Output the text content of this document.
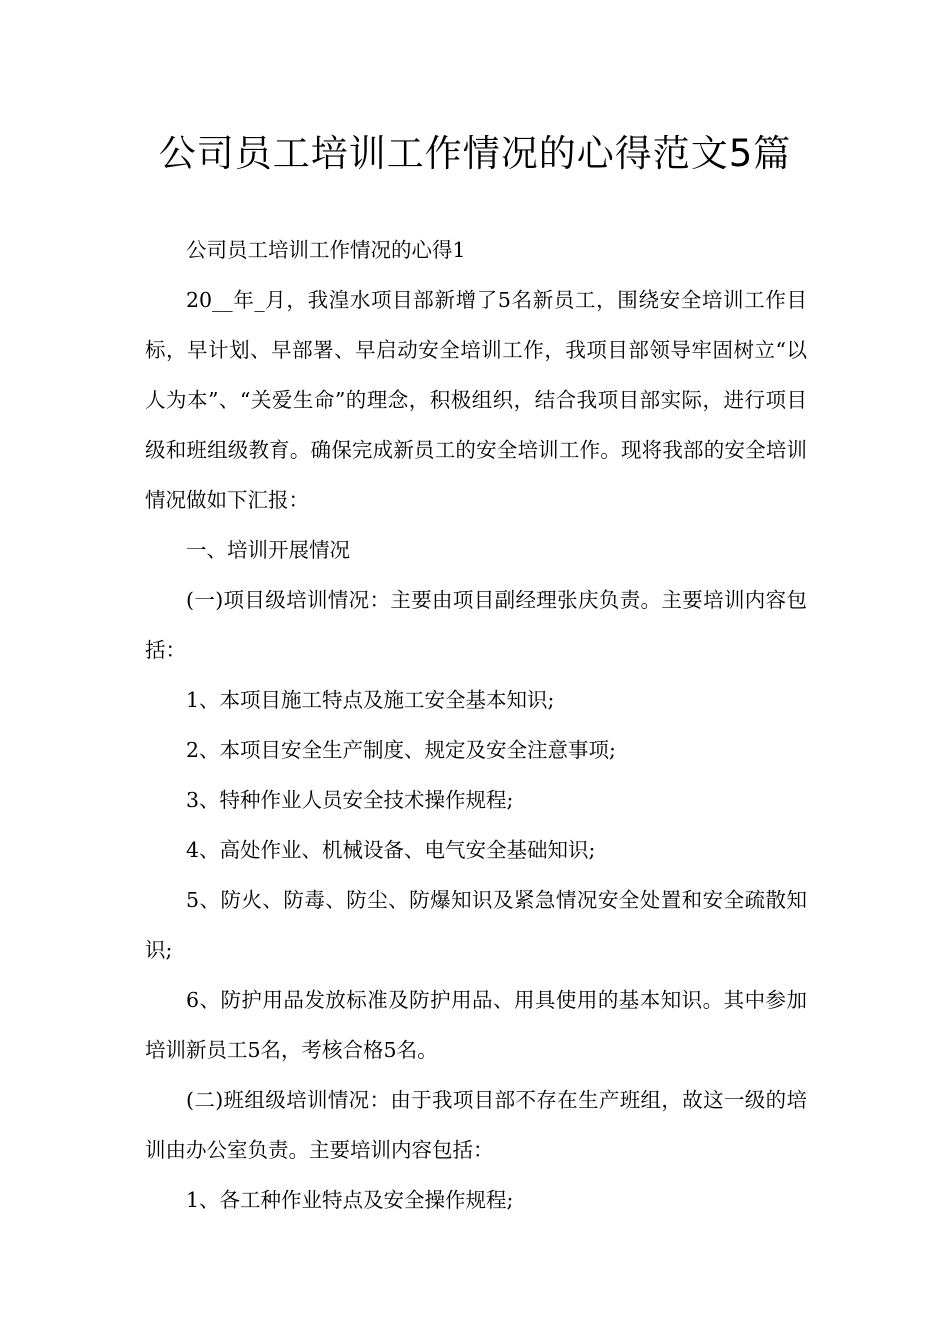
公司员工培训工作情况的心得范文5篇

公司员工培训工作情况的心得1

20__年_月，我湟水项目部新增了5名新员工，围绕安全培训工作目标，早计划、早部署、早启动安全培训工作，我项目部领导牢固树立“以人为本”、“关爱生命”的理念，积极组织，结合我项目部实际，进行项目级和班组级教育。确保完成新员工的安全培训工作。现将我部的安全培训情况做如下汇报：

一、培训开展情况

(一)项目级培训情况：主要由项目副经理张庆负责。主要培训内容包括：

1、本项目施工特点及施工安全基本知识;

2、本项目安全生产制度、规定及安全注意事项;

3、特种作业人员安全技术操作规程;

4、高处作业、机械设备、电气安全基础知识;

5、防火、防毒、防尘、防爆知识及紧急情况安全处置和安全疏散知识;

6、防护用品发放标准及防护用品、用具使用的基本知识。其中参加培训新员工5名，考核合格5名。

(二)班组级培训情况：由于我项目部不存在生产班组，故这一级的培训由办公室负责。主要培训内容包括：

1、各工种作业特点及安全操作规程;
